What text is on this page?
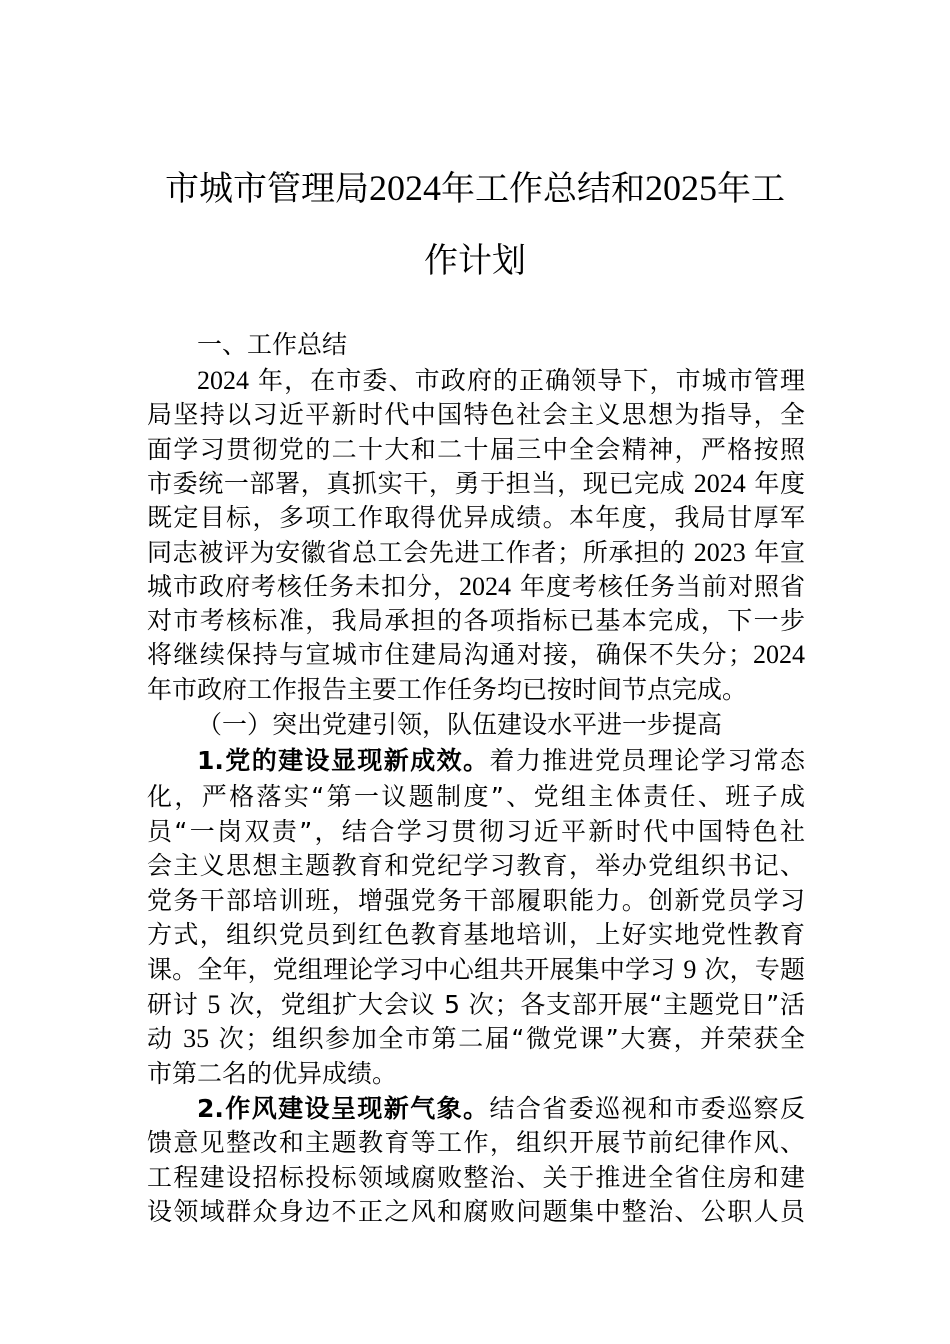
市城市管理局2024年工作总结和2025年工
作计划
一、工作总结
2024 年，在市委、市政府的正确领导下，市城市管理
局坚持以习近平新时代中国特色社会主义思想为指导，全
面学习贯彻党的二十大和二十届三中全会精神，严格按照
市委统一部署，真抓实干，勇于担当，现已完成 2024 年度
既定目标，多项工作取得优异成绩。本年度，我局甘厚军
同志被评为安徽省总工会先进工作者；所承担的 2023 年宣
城市政府考核任务未扣分，2024 年度考核任务当前对照省
对市考核标准，我局承担的各项指标已基本完成，下一步
将继续保持与宣城市住建局沟通对接，确保不失分；2024
年市政府工作报告主要工作任务均已按时间节点完成。
（一）突出党建引领，队伍建设水平进一步提高
1.党的建设显现新成效。着力推进党员理论学习常态
化，严格落实“第一议题制度”、党组主体责任、班子成
员“一岗双责”，结合学习贯彻习近平新时代中国特色社
会主义思想主题教育和党纪学习教育，举办党组织书记、
党务干部培训班，增强党务干部履职能力。创新党员学习
方式，组织党员到红色教育基地培训，上好实地党性教育
课。全年，党组理论学习中心组共开展集中学习 9 次，专题
研讨 5 次，党组扩大会议 5 次；各支部开展“主题党日”活
动 35 次；组织参加全市第二届“微党课”大赛，并荣获全
市第二名的优异成绩。
2.作风建设呈现新气象。结合省委巡视和市委巡察反
馈意见整改和主题教育等工作，组织开展节前纪律作风、
工程建设招标投标领域腐败整治、关于推进全省住房和建
设领域群众身边不正之风和腐败问题集中整治、公职人员
